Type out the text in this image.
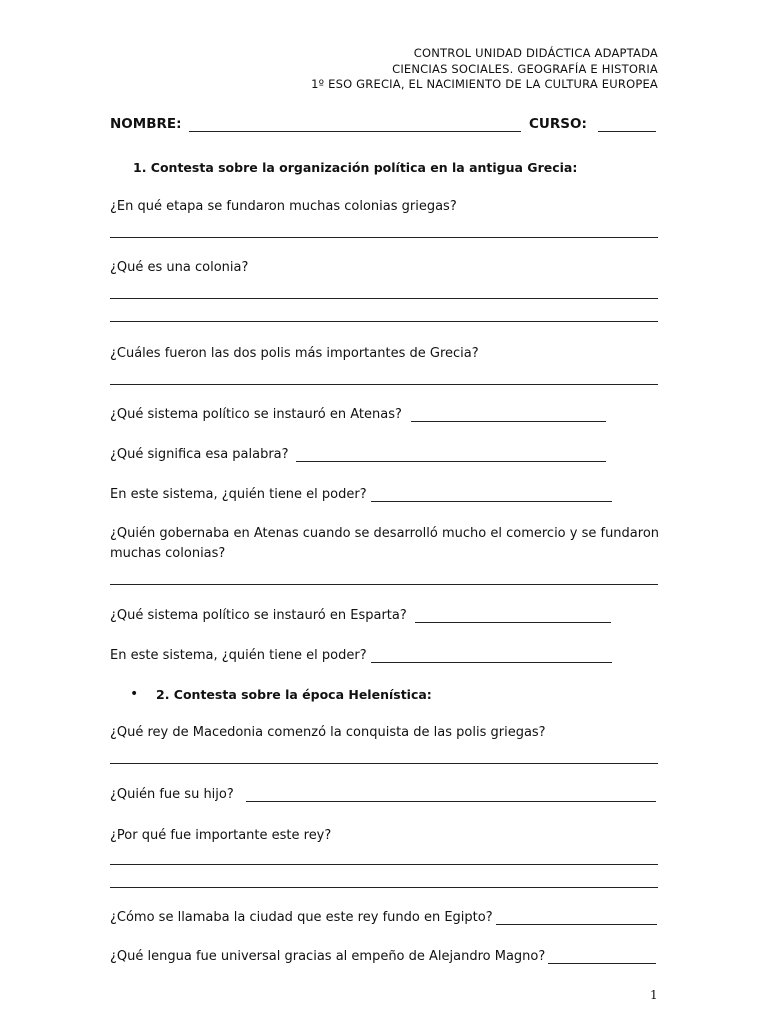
CONTROL UNIDAD DIDÁCTICA ADAPTADA
CIENCIAS SOCIALES. GEOGRAFÍA E HISTORIA
1º ESO GRECIA, EL NACIMIENTO DE LA CULTURA EUROPEA
NOMBRE:	CURSO:
1. Contesta sobre la organización política en la antigua Grecia:
¿En qué etapa se fundaron muchas colonias griegas?
¿Qué es una colonia?
¿Cuáles fueron las dos polis más importantes de Grecia?
¿Qué sistema político se instauró en Atenas?
¿Qué significa esa palabra?
En este sistema, ¿quién tiene el poder?
¿Quién gobernaba en Atenas cuando se desarrolló mucho el comercio y se fundaron
muchas colonias?
¿Qué sistema político se instauró en Esparta?
En este sistema, ¿quién tiene el poder?
• 2. Contesta sobre la época Helenística:
¿Qué rey de Macedonia comenzó la conquista de las polis griegas?
¿Quién fue su hijo?
¿Por qué fue importante este rey?
¿Cómo se llamaba la ciudad que este rey fundo en Egipto?
¿Qué lengua fue universal gracias al empeño de Alejandro Magno?
1
